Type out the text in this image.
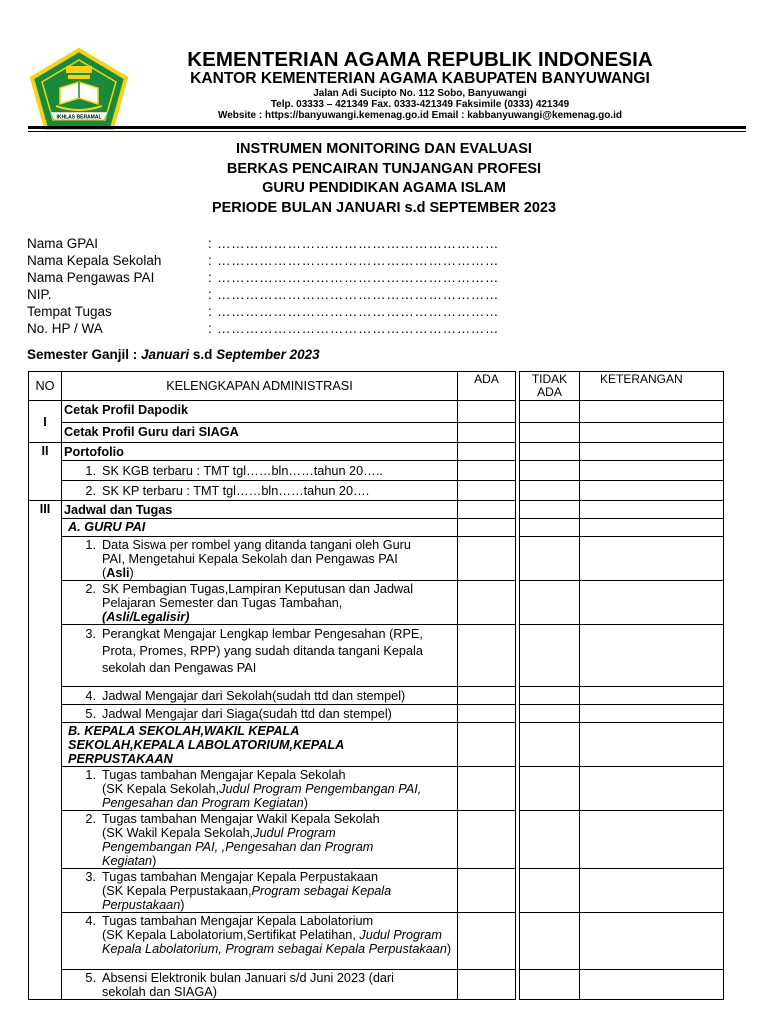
IKHLAS BERAMAL
KEMENTERIAN AGAMA REPUBLIK INDONESIA
KANTOR KEMENTERIAN AGAMA KABUPATEN BANYUWANGI
Jalan Adi Sucipto No. 112 Sobo, Banyuwangi
Telp. 03333 – 421349 Fax. 0333-421349 Faksimile (0333) 421349
Website : https://banyuwangi.kemenag.go.id Email : kabbanyuwangi@kemenag.go.id
INSTRUMEN MONITORING DAN EVALUASI
BERKAS PENCAIRAN TUNJANGAN PROFESI
GURU PENDIDIKAN AGAMA ISLAM
PERIODE BULAN JANUARI s.d SEPTEMBER 2023
Nama GPAI	: ……………………………………………………
Nama Kepala Sekolah	: ……………………………………………………
Nama Pengawas PAI	: ……………………………………………………
NIP.	: ……………………………………………………
Tempat Tugas	: ……………………………………………………
No. HP / WA	: ……………………………………………………
Semester Ganjil : Januari s.d September 2023
NO	KELENGKAPAN ADMINISTRASI	ADA		TIDAK ADA	KETERANGAN
I	Cetak Profil Dapodik				
	Cetak Profil Guru dari SIAGA				
II	Portofolio				

	1. SK KGB terbaru : TMT tgl……bln……tahun 20…..				

	2. SK KP terbaru : TMT tgl……bln……tahun 20….				

III	Jadwal dan Tugas				
	A. GURU PAI				

	1. Data Siswa per rombel yang ditanda tangani oleh Guru PAI, Mengetahui Kepala Sekolah dan Pengawas PAI (Asli)				

	2. SK Pembagian Tugas,Lampiran Keputusan dan Jadwal Pelajaran Semester dan Tugas Tambahan,
(Asli/Legalisir)				

	3. Perangkat Mengajar Lengkap lembar Pengesahan (RPE, Prota, Promes, RPP) yang sudah ditanda tangani Kepala sekolah dan Pengawas PAI				

	4. Jadwal Mengajar dari Sekolah(sudah ttd dan stempel)				

	5. Jadwal Mengajar dari Siaga(sudah ttd dan stempel)				

	B. KEPALA SEKOLAH,WAKIL KEPALA SEKOLAH,KEPALA LABOLATORIUM,KEPALA PERPUSTAKAAN				

	1. Tugas tambahan Mengajar Kepala Sekolah
(SK Kepala Sekolah,Judul Program Pengembangan PAI, Pengesahan dan Program Kegiatan)				

	2. Tugas tambahan Mengajar Wakil Kepala Sekolah
(SK Wakil Kepala Sekolah,Judul Program Pengembangan PAI, ,Pengesahan dan Program Kegiatan)				

	3. Tugas tambahan Mengajar Kepala Perpustakaan
(SK Kepala Perpustakaan,Program sebagai Kepala Perpustakaan)				

	4. Tugas tambahan Mengajar Kepala Labolatorium
(SK Kepala Labolatorium,Sertifikat Pelatihan, Judul Program Kepala Labolatorium, Program sebagai Kepala Perpustakaan)				

	5. Absensi Elektronik bulan Januari s/d Juni 2023 (dari sekolah dan SIAGA)				
